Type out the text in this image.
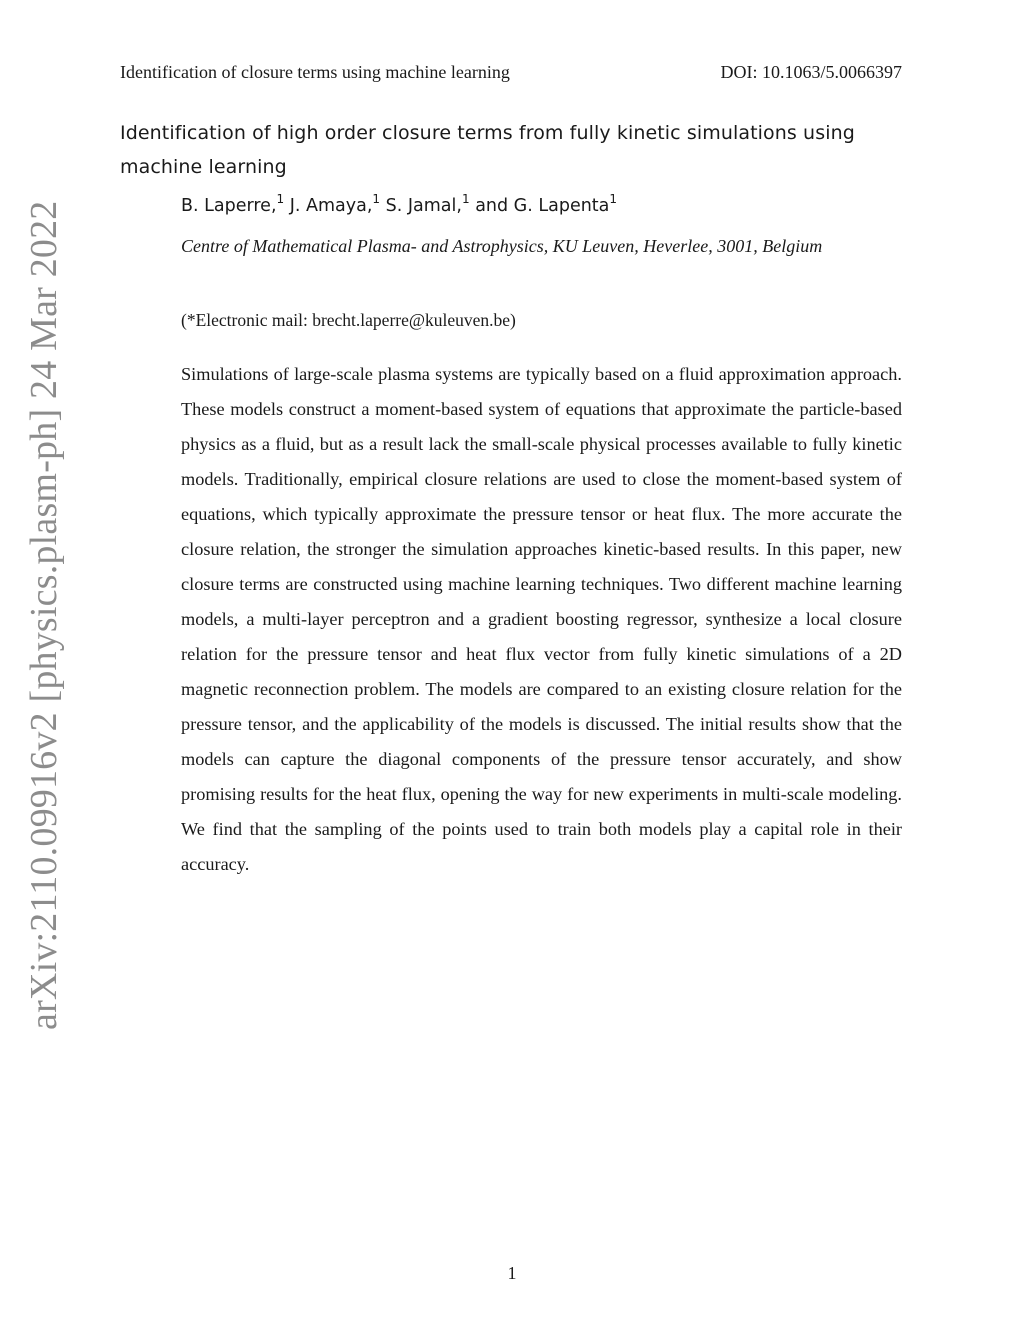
Identification of closure terms using machine learning	DOI: 10.1063/5.0066397
Identification of high order closure terms from fully kinetic simulations using machine learning
B. Laperre,$^1$ J. Amaya,$^1$ S. Jamal,$^1$ and G. Lapenta$^1$
Centre of Mathematical Plasma- and Astrophysics, KU Leuven, Heverlee, 3001, Belgium
(*Electronic mail: brecht.laperre@kuleuven.be)

Simulations of large-scale plasma systems are typically based on a fluid approximation approach. These models construct a moment-based system of equations that approximate the particle-based physics as a fluid, but as a result lack the small-scale physical processes available to fully kinetic models. Traditionally, empirical closure relations are used to close the moment-based system of equations, which typically approximate the pressure tensor or heat flux. The more accurate the closure relation, the stronger the simulation approaches kinetic-based results. In this paper, new closure terms are constructed using machine learning techniques. Two different machine learning models, a multi-layer perceptron and a gradient boosting regressor, synthesize a local closure relation for the pressure tensor and heat flux vector from fully kinetic simulations of a 2D magnetic reconnection problem. The models are compared to an existing closure relation for the pressure tensor, and the applicability of the models is discussed. The initial results show that the models can capture the diagonal components of the pressure tensor accurately, and show promising results for the heat flux, opening the way for new experiments in multi-scale modeling. We find that the sampling of the points used to train both models play a capital role in their accuracy.

arXiv:2110.09916v2 [physics.plasm-ph] 24 Mar 2022
1
